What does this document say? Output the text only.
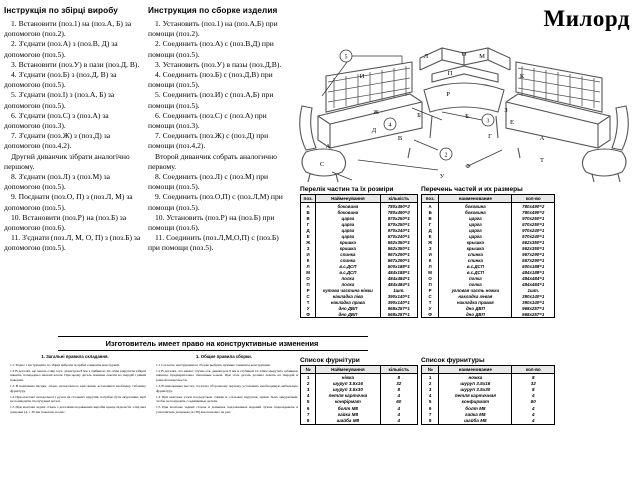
Інструкція по збірці виробу
1. Встановити (поз.1) на (поз.А, Б) за допомогою (поз.2).
2. З'єднати (поз.А) з (поз.В, Д) за допомогою (поз.5).
3. Встановити (поз.У) в пази (поз.Д, В).
4. З'єднати (поз.Б) з (поз.Д, В) за допомогою (поз.5).
5. З'єднати (поз.І) з (поз.А, Б) за допомогою (поз.5).
6. З'єднати (поз.С) з (поз.А) за допомогою (поз.3).
7. З'єднати (поз.Ж) з (поз.Д) за допомогою (поз.4,2).
Другий диванчик зібрати аналогічно першому.
8. З'єднати (поз.Л) з (поз.М) за допомогою (поз.5).
9. Поєднати (поз.О, П) з (поз.Л, М) за допомогою (поз.5).
10. Встановити (поз.Р) на (поз.Б) за допомогою (поз.6).
11. З'єднати (поз.Л, М, О, П) з (поз.Б) за допомогою (поз.5).
Инструкция по сборке изделия
1. Установить (поз.1) на (поз.А,Б) при помощи (поз.2).
2. Соединить (поз.А) с (поз.В,Д) при помощи (поз.5).
3. Установить (поз.У) в пазы (поз.Д,В).
4. Соединить (поз.Б) с (поз.Д,В) при помощи (поз.5).
5. Соединить (поз.И) с (поз.А,Б) при помощи (поз.5).
6. Соединить (поз.С) с (поз.А) при помощи (поз.3).
7. Соединить (поз.Ж) с (поз.Д) при помощи (поз.4,2).
Второй диванчик собрать аналогично первому.
8. Соединить (поз.Л) с (поз.М) при помощи (поз.5).
9. Соединить (поз.О,П) с (поз.Л,М) при помощи (поз.5).
10. Установить (поз.Р) на (поз.Б) при помощи (поз.6).
11. Соединить (поз.Л,М,О,П) с (поз.Б) при помощи (поз.5).
Милорд
5
4
3
2
Л	О М
И	П	К
Ж
Р
З
Д
Б	Б
Е
В	Г
А
А
С
Т
У
Ф
Перелік частин та їх розміри
поз.	Найменування	кількість
А	боковина	780х490=2
Б	боковина	780х490=2
В	царга	970х250=1
Г	царга	570х250=1
Д	царга	970х240=1
Е	царга	570х240=1
Ж	кришка	562х350=1
З	кришка	562х350=1
И	спинка	967х290=1
К	спинка	567х290=1
Л	в.с.ДСП	500х188=1
М	в.с.ДСП	484х188=1
О	полка	484х484=1
П	полка	484х484=1
Р	кутова частина ніжки	1шт.
С	накладка ліва	390х140=1
Т	накладка права	390х140=1
У	дно ДВП	968х257=1
Ф	дно ДВП	568х257=1
Перечень частей и их размеры
поз.	наименование	кол-во
А	боковина	780х490=2
Б	боковина	780х490=2
В	царга	970х250=1
Г	царга	570х250=1
Д	царга	970х240=1
Е	царга	570х240=1
Ж	крышка	562х350=1
З	крышка	562х350=1
И	спинка	967х290=1
К	спинка	567х290=1
Л	в.с.ДСП	500х188=1
М	в.с.ДСП	484х188=1
О	полка	484х484=1
П	полка	484х484=1
Р	угловая часть ножки	1шт.
С	накладка левая	390х140=1
Т	накладка правая	390х140=1
У	дно ДВП	968х257=1
Ф	дно ДВП	568х257=1
Изготовитель имеет право на конструктивные изменения
Список фурнітури
№	Найменування	кількість
1	ніжка	8
2	шуруп 3.5х16	32
3	шуруп 3.5х30	8
4	петля карточна	4
5	конфірмат	60
6	болт М8	4
7	гайка М8	4
8	шайба М8	4
Список фурнитуры
№	наименование	кол-во
1	ножка	8
2	шуруп 3.5х16	32
3	шуруп 3.5х30	8
4	петля карточная	4
5	конфирмат	60
6	болт М8	4
7	гайка М8	4
8	шайба М8	4
1. Загальні правила складання.

1.1 Згідно з інструкцією по збірці вибрати потрібні елементи конструкції.

1.2 В деталях, що мають отвір глух. діаметром 8 мм з глибиною 10-12мм закрутити забірні шканти, попередньо змазані клеєм. При цьому деталь повинна лежати на твердій і рівній поверхні.

1.3 В намічених місцях, згідно складального креслення, встановити необхідну табличну фурнітуру.

1.4 При монтажі складальної з ручок на стальних шурупів, потрібно бути акуратним, щоб не пошкодити сполучувані деталі.

1.5 При монтажі задніх стінок з деталями подовжених виробів краще підкласти з-під них дощечки (А = 30 мм показано на рис.

1. Общие правила сборки.

1.1 Согласно инструкции по сборке выбрать нужные элементы конструкции.

1.2 В деталях, что имеют глухие отв. диаметром 8 мм и глубиной 10-12мм закрутить забивные шканты, предварительно смазанные клеем. При этом деталь должна лежать на твердой и ровной поверхности.

1.3 В намеченных местах, согласно сборочному чертежу, установить необходимую мебельную фурнитуру.

1.4 При монтаже узлов посредством стяжек и стальных шурупов, нужно быть аккуратным, чтобы не повредить соединяемые детали.

1.5 При монтаже задних стенок и донышек подложенных изделий лучше подкладывать в уплотнитель дощечки (А=30) как показано на рис.
